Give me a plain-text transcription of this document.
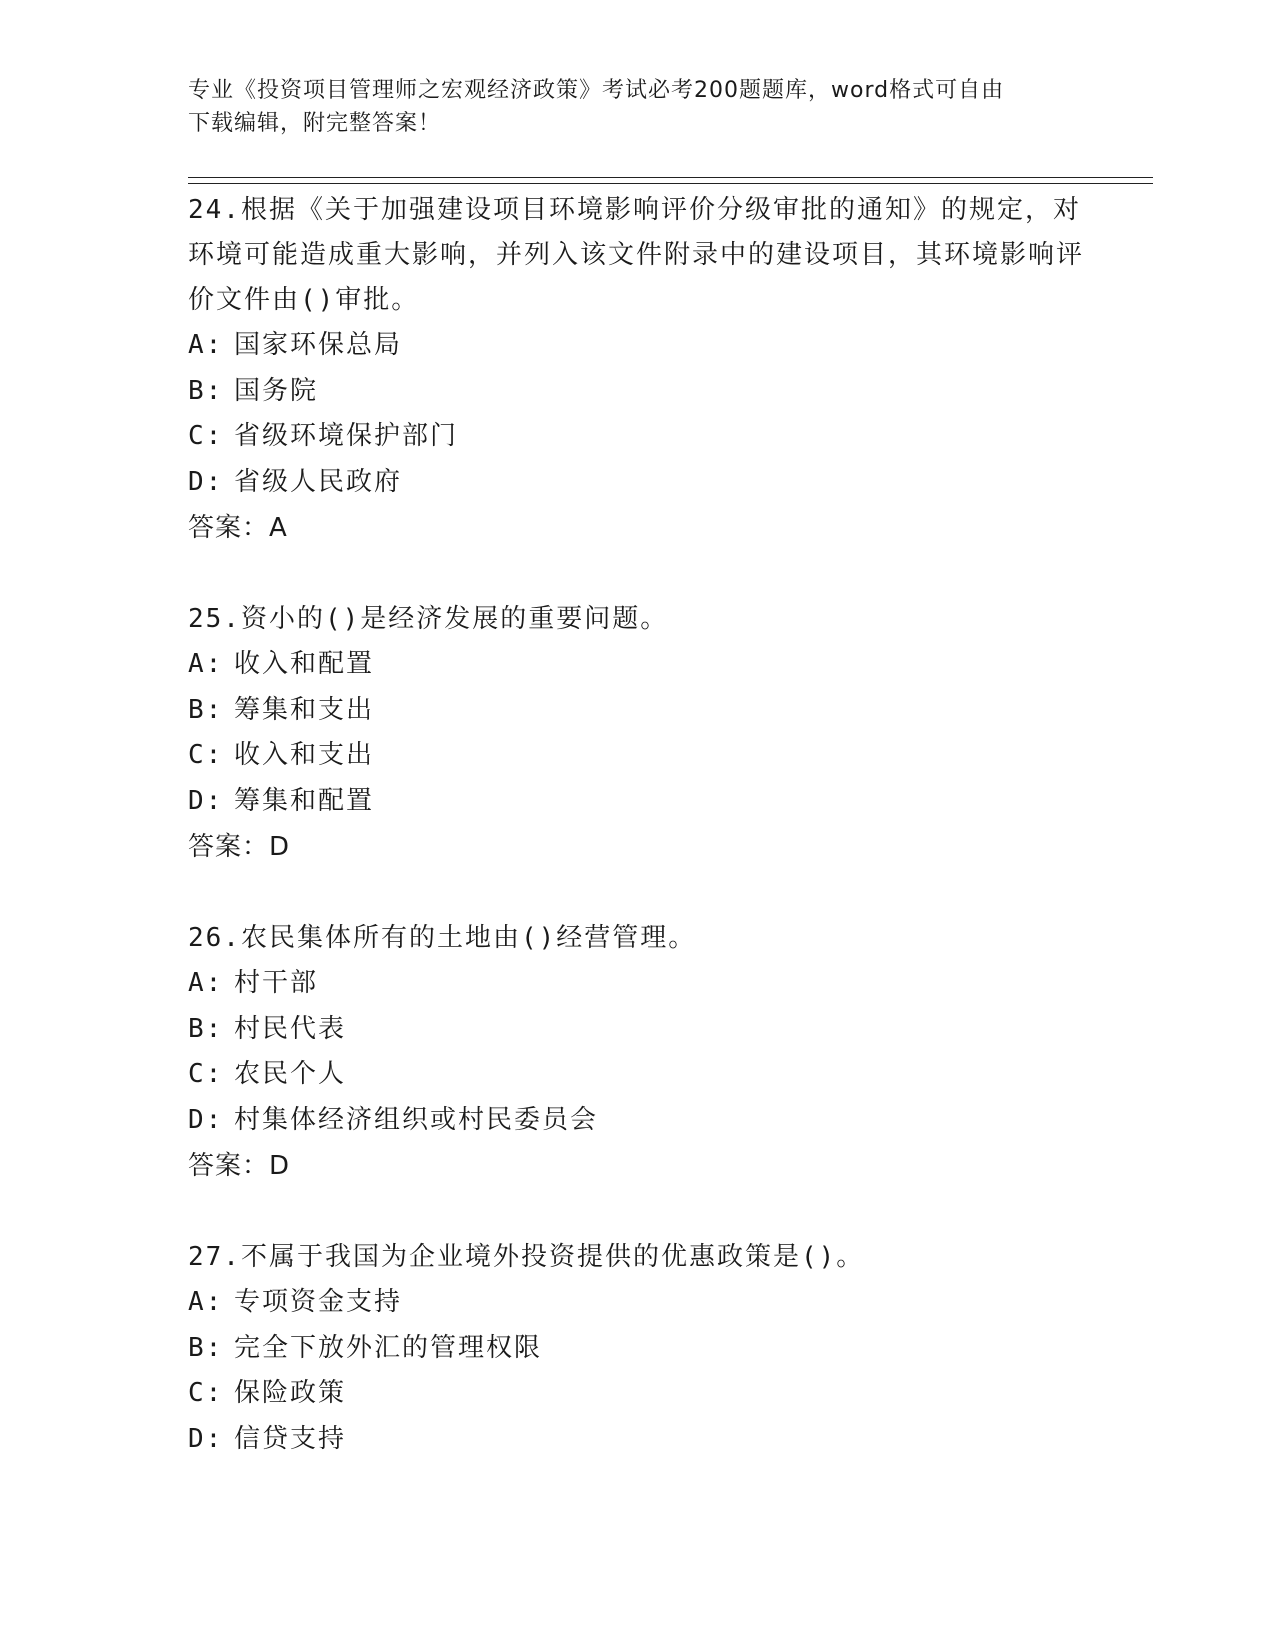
专业《投资项目管理师之宏观经济政策》考试必考200题题库，word格式可自由
下载编辑，附完整答案！

24.根据《关于加强建设项目环境影响评价分级审批的通知》的规定，对环境可能造成重大影响，并列入该文件附录中的建设项目，其环境影响评价文件由()审批。

A: 国家环保总局

B: 国务院

C: 省级环境保护部门

D: 省级人民政府

答案：A

25.资小的()是经济发展的重要问题。

A: 收入和配置

B: 筹集和支出

C: 收入和支出

D: 筹集和配置

答案：D

26.农民集体所有的土地由()经营管理。

A: 村干部

B: 村民代表

C: 农民个人

D: 村集体经济组织或村民委员会

答案：D

27.不属于我国为企业境外投资提供的优惠政策是()。

A: 专项资金支持

B: 完全下放外汇的管理权限

C: 保险政策

D: 信贷支持
